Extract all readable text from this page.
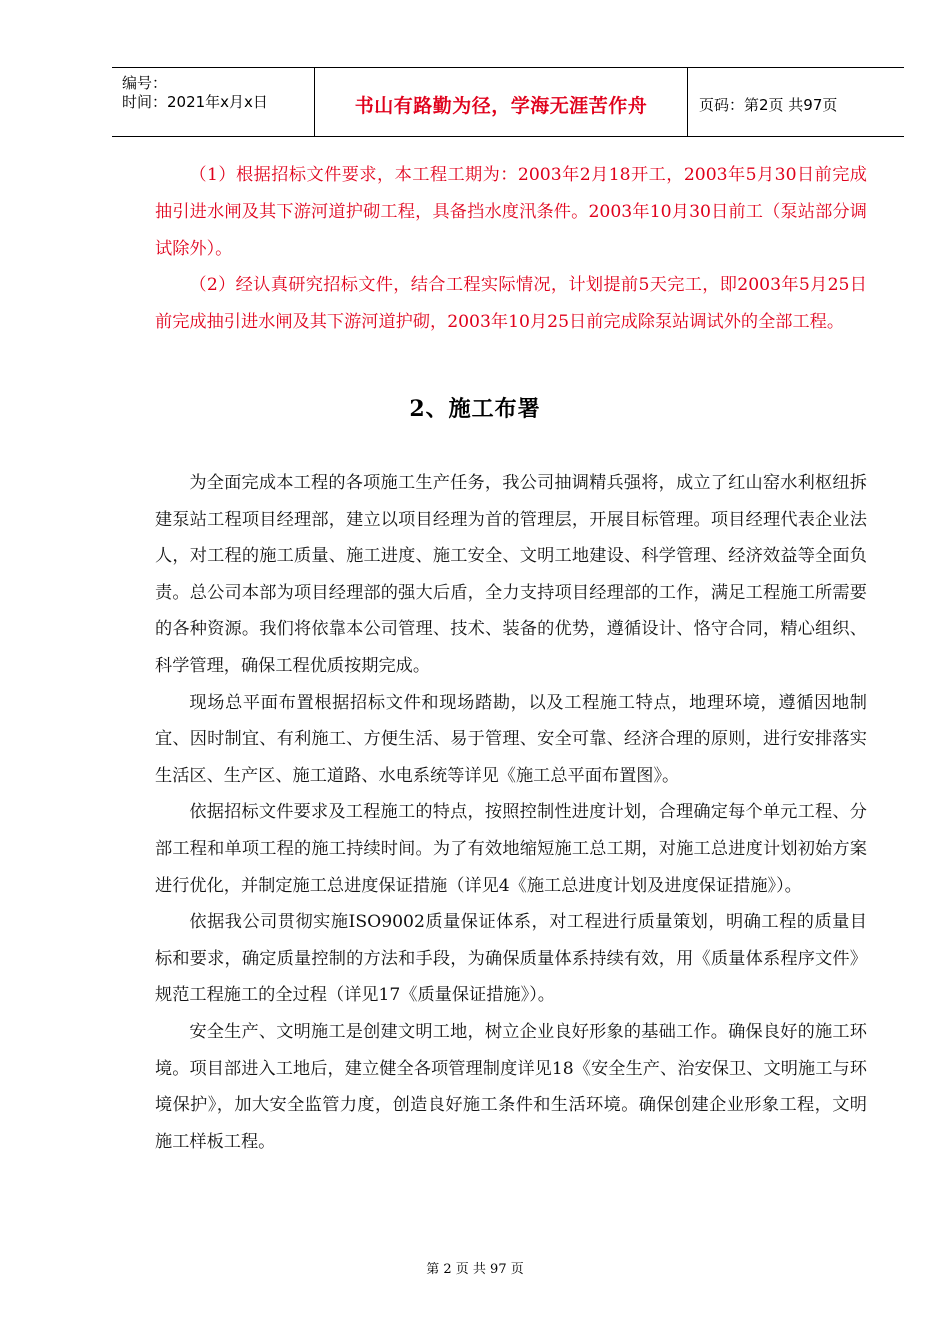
编号：
时间：2021年x月x日	书山有路勤为径，学海无涯苦作舟	页码：第2页 共97页

（1）根据招标文件要求，本工程工期为：2003年2月18开工，2003年5月30日前完成抽引进水闸及其下游河道护砌工程，具备挡水度汛条件。2003年10月30日前工（泵站部分调试除外）。

（2）经认真研究招标文件，结合工程实际情况，计划提前5天完工，即2003年5月25日前完成抽引进水闸及其下游河道护砌，2003年10月25日前完成除泵站调试外的全部工程。

2、施工布署

为全面完成本工程的各项施工生产任务，我公司抽调精兵强将，成立了红山窑水利枢纽拆建泵站工程项目经理部，建立以项目经理为首的管理层，开展目标管理。项目经理代表企业法人，对工程的施工质量、施工进度、施工安全、文明工地建设、科学管理、经济效益等全面负责。总公司本部为项目经理部的强大后盾，全力支持项目经理部的工作，满足工程施工所需要的各种资源。我们将依靠本公司管理、技术、装备的优势，遵循设计、恪守合同，精心组织、科学管理，确保工程优质按期完成。

现场总平面布置根据招标文件和现场踏勘，以及工程施工特点，地理环境，遵循因地制宜、因时制宜、有利施工、方便生活、易于管理、安全可靠、经济合理的原则，进行安排落实生活区、生产区、施工道路、水电系统等详见《施工总平面布置图》。

依据招标文件要求及工程施工的特点，按照控制性进度计划，合理确定每个单元工程、分部工程和单项工程的施工持续时间。为了有效地缩短施工总工期，对施工总进度计划初始方案进行优化，并制定施工总进度保证措施（详见4《施工总进度计划及进度保证措施》）。

依据我公司贯彻实施ISO9002质量保证体系，对工程进行质量策划，明确工程的质量目标和要求，确定质量控制的方法和手段，为确保质量体系持续有效，用《质量体系程序文件》规范工程施工的全过程（详见17《质量保证措施》）。

安全生产、文明施工是创建文明工地，树立企业良好形象的基础工作。确保良好的施工环境。项目部进入工地后，建立健全各项管理制度详见18《安全生产、治安保卫、文明施工与环境保护》，加大安全监管力度，创造良好施工条件和生活环境。确保创建企业形象工程，文明施工样板工程。

第 2 页 共 97 页
